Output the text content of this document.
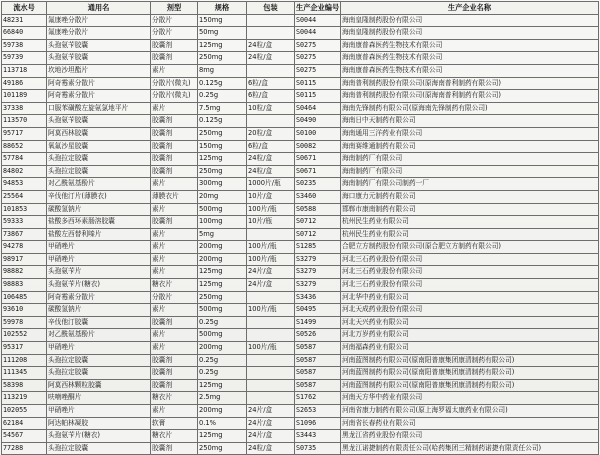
流水号	通用名	剂型	规格	包装	生产企业编号	生产企业名称
48231	氟康唑分散片	分散片	150mg		S0044	海南皇隆制药股份有限公司
66840	氟康唑分散片	分散片	50mg		S0044	海南皇隆制药股份有限公司
59738	头孢氨苄胶囊	胶囊剂	125mg	24粒/盒	S0275	海南康普森医药生物技术有限公司
59739	头孢氨苄胶囊	胶囊剂	250mg	24粒/盒	S0275	海南康普森医药生物技术有限公司
113718	坎地沙坦酯片	素片	8mg		S0275	海南康普森医药生物技术有限公司
49186	阿奇霉素分散片	分散片(微丸)	0.125g	6粒/盒	S0115	海南普利制药股份有限公司(原海南普利制药有限公司)
101189	阿奇霉素分散片	分散片(微丸)	0.25g	6粒/盒	S0115	海南普利制药股份有限公司(原海南普利制药有限公司)
37338	口服苯磺酸左旋氨氯地平片	素片	7.5mg	10粒/盒	S0464	海南先锋制药有限公司(原海南先锋制药有限公司)
113570	头孢氨苄胶囊	胶囊剂	0.125g		S0490	海南日中天制药有限公司
95717	阿莫西林胶囊	胶囊剂	250mg	20粒/盒	S0100	海南通用三洋药业有限公司
88652	氧氟沙星胶囊	胶囊剂	150mg	6粒/盒	S0082	海南赛维通制药有限公司
57784	头孢拉定胶囊	胶囊剂	125mg	24粒/盒	S0671	海南制药厂有限公司
84802	头孢拉定胶囊	胶囊剂	250mg	24粒/盒	S0671	海南制药厂有限公司
94853	对乙酰氨基酚片	素片	300mg	1000片/瓶	S0235	海南制药厂有限公司制药一厂
25564	辛伐他汀片(薄膜衣)	薄膜衣片	20mg	10片/盒	S3460	海口康力元制药有限公司
101853	碳酸氢钠片	素片	500mg	100片/瓶	S0588	邯郸市康南制药有限公司
59333	盐酸多西环素肠溶胶囊	胶囊剂	100mg	10片/瓶	S0712	杭州民生药业有限公司
73867	盐酸左西替利嗪片	素片	5mg		S0712	杭州民生药业有限公司
94278	甲硝唑片	素片	200mg	100片/瓶	S1285	合肥立方制药股份有限公司(原合肥立方制药有限公司)
98917	甲硝唑片	素片	200mg	100片/瓶	S3279	河北三石药业股份有限公司
98882	头孢氨苄片	素片	125mg	24片/盒	S3279	河北三石药业股份有限公司
98883	头孢氨苄片(糖衣)	糖衣片	125mg	24片/盒	S3279	河北三石药业股份有限公司
106485	阿奇霉素分散片	分散片	250mg		S3436	河北华中药业有限公司
93610	碳酸氢钠片	素片	500mg	100片/瓶	S0495	河北天成药业股份有限公司
59978	辛伐他汀胶囊	胶囊剂	0.25g		S1499	河北天兴药业有限公司
102552	对乙酰氨基酚片	素片	500mg		S0526	河北万岁药业有限公司
95317	甲硝唑片	素片	200mg	100片/瓶	S0587	河南福森药业有限公司
111208	头孢拉定胶囊	胶囊剂	0.25g		S0587	河南蓝图制药有限公司(原南阳普康集团康清制药有限公司)
111345	头孢拉定胶囊	胶囊剂	0.25g		S0587	河南蓝图制药有限公司(原南阳普康集团康清制药有限公司)
58398	阿莫西林颗粒胶囊	胶囊剂	125mg		S0587	河南蓝图制药有限公司(原南阳普康集团康清制药有限公司)
113219	呋喃唑酮片	糖衣片	2.5mg		S1762	河南天方华中药业有限公司
102055	甲硝唑片	素片	200mg	24片/盒	S2653	河南省康力制药有限公司(原上海罗福太康药业有限公司)
62184	阿达帕林凝胶	软膏	0.1%	24片/盒	S1096	河南省长春药业有限公司
54567	头孢氨苄片(糖衣)	糖衣片	125mg	24片/盒	S3443	黑龙江省药业股份有限公司
77288	头孢拉定胶囊	胶囊剂	250mg	24粒/盒	S0735	黑龙江诺捷制药有限责任公司(哈药集团三精制药诺捷有限责任公司)
